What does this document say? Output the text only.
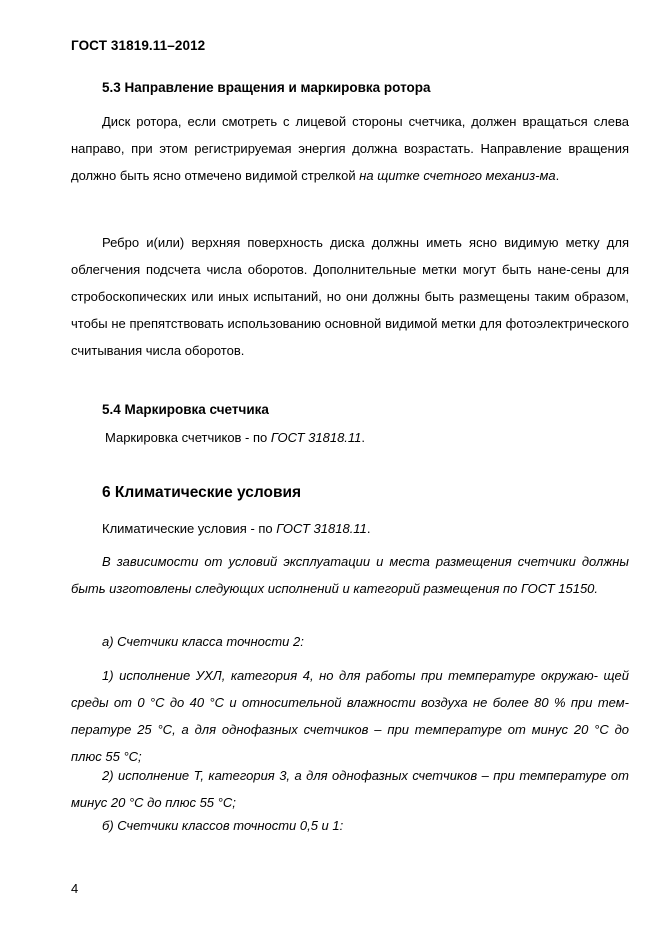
ГОСТ 31819.11–2012
5.3 Направление вращения и маркировка ротора

Диск ротора, если смотреть с лицевой стороны счетчика, должен вращаться слева направо, при этом регистрируемая энергия должна возрастать. Направление вращения должно быть ясно отмечено видимой стрелкой на щитке счетного механиз-ма.

Ребро и(или) верхняя поверхность диска должны иметь ясно видимую метку для облегчения подсчета числа оборотов. Дополнительные метки могут быть нане-сены для стробоскопических или иных испытаний, но они должны быть размещены таким образом, чтобы не препятствовать использованию основной видимой метки для фотоэлектрического считывания числа оборотов.

5.4 Маркировка счетчика
Маркировка счетчиков - по ГОСТ 31818.11.
6 Климатические условия
Климатические условия - по ГОСТ 31818.11.

В зависимости от условий эксплуатации и места размещения счетчики должны быть изготовлены следующих исполнений и категорий размещения по ГОСТ 15150.

а) Счетчики класса точности 2:

1) исполнение УХЛ, категория 4, но для работы при температуре окружаю- щей среды от 0 °С до 40 °С и относительной влажности воздуха не более 80 % при тем-пературе 25 °С, а для однофазных счетчиков – при температуре от минус 20 °С до плюс 55 °С;

2) исполнение Т, категория 3, а для однофазных счетчиков – при температуре от минус 20 °С до плюс 55 °С;

б) Счетчики классов точности 0,5 и 1:
4
